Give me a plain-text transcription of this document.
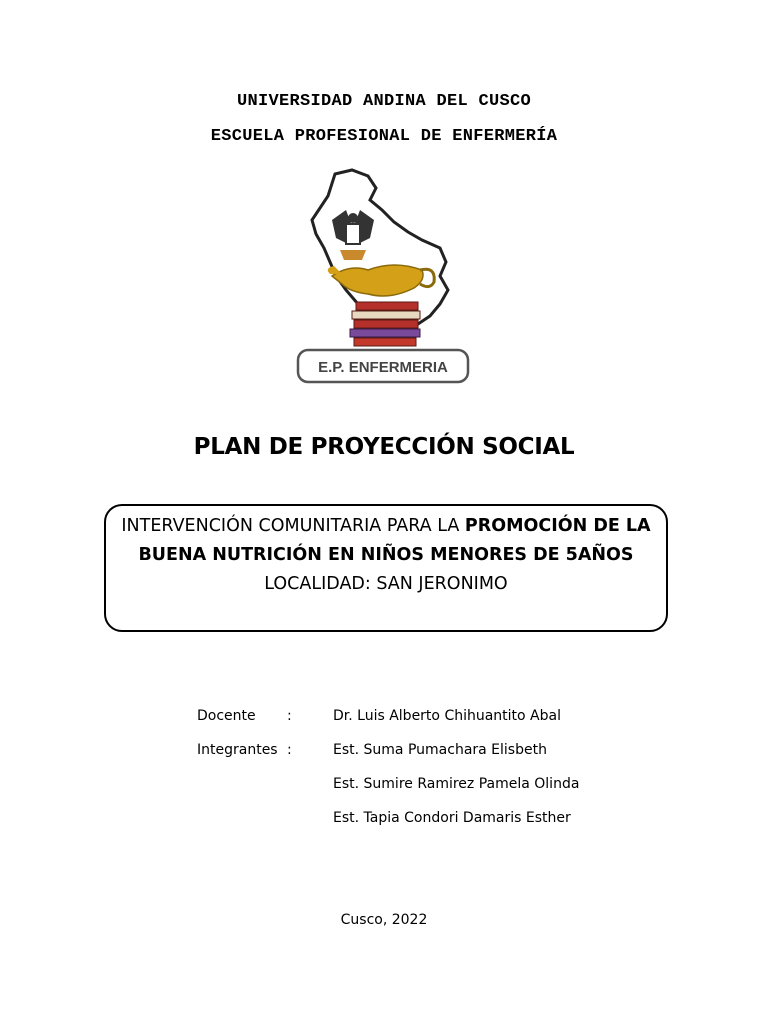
UNIVERSIDAD ANDINA DEL CUSCO
ESCUELA PROFESIONAL DE ENFERMERÍA
E.P. ENFERMERIA
PLAN DE PROYECCIÓN SOCIAL
INTERVENCIÓN COMUNITARIA PARA LA PROMOCIÓN DE LA
BUENA NUTRICIÓN EN NIÑOS MENORES DE 5AÑOS
LOCALIDAD: SAN JERONIMO
Docente :	Dr. Luis Alberto Chihuantito Abal
Integrantes :	Est. Suma Pumachara Elisbeth
Est. Sumire Ramirez Pamela Olinda
Est. Tapia Condori Damaris Esther
Cusco, 2022
